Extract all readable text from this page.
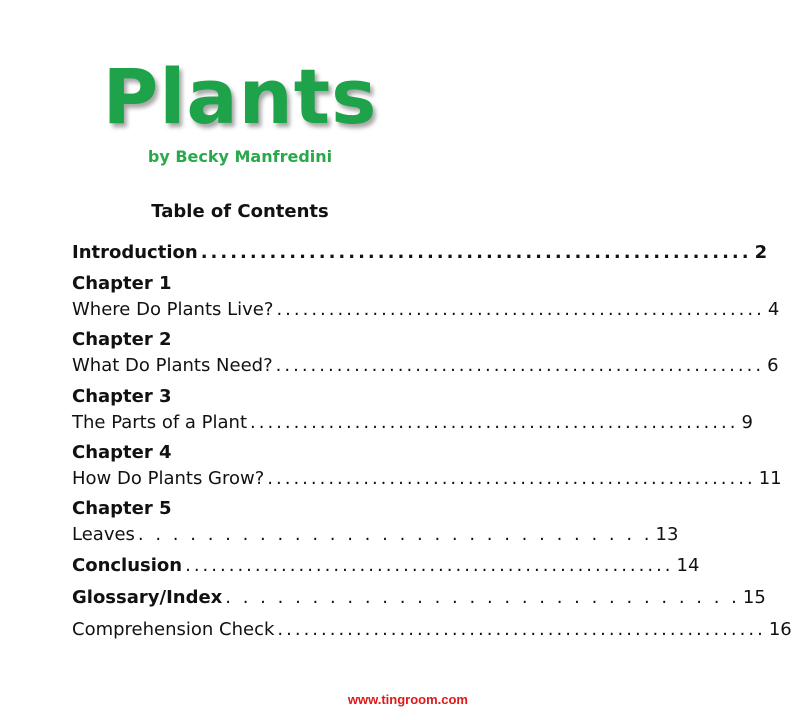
Plants
by Becky Manfredini
Table of Contents
Introduction ........................................................ 2
Chapter 1
Where Do Plants Live? ........................................................ 4
Chapter 2
What Do Plants Need? ........................................................ 6
Chapter 3
The Parts of a Plant ........................................................ 9
Chapter 4
How Do Plants Grow? ........................................................ 11
Chapter 5
Leaves . . . . . . . . . . . . . . . . . . . . . . . . . . . . . . 13
Conclusion ........................................................ 14
Glossary/Index . . . . . . . . . . . . . . . . . . . . . . . . . . . . . . 15
Comprehension Check ........................................................ 16
www.tingroom.com
